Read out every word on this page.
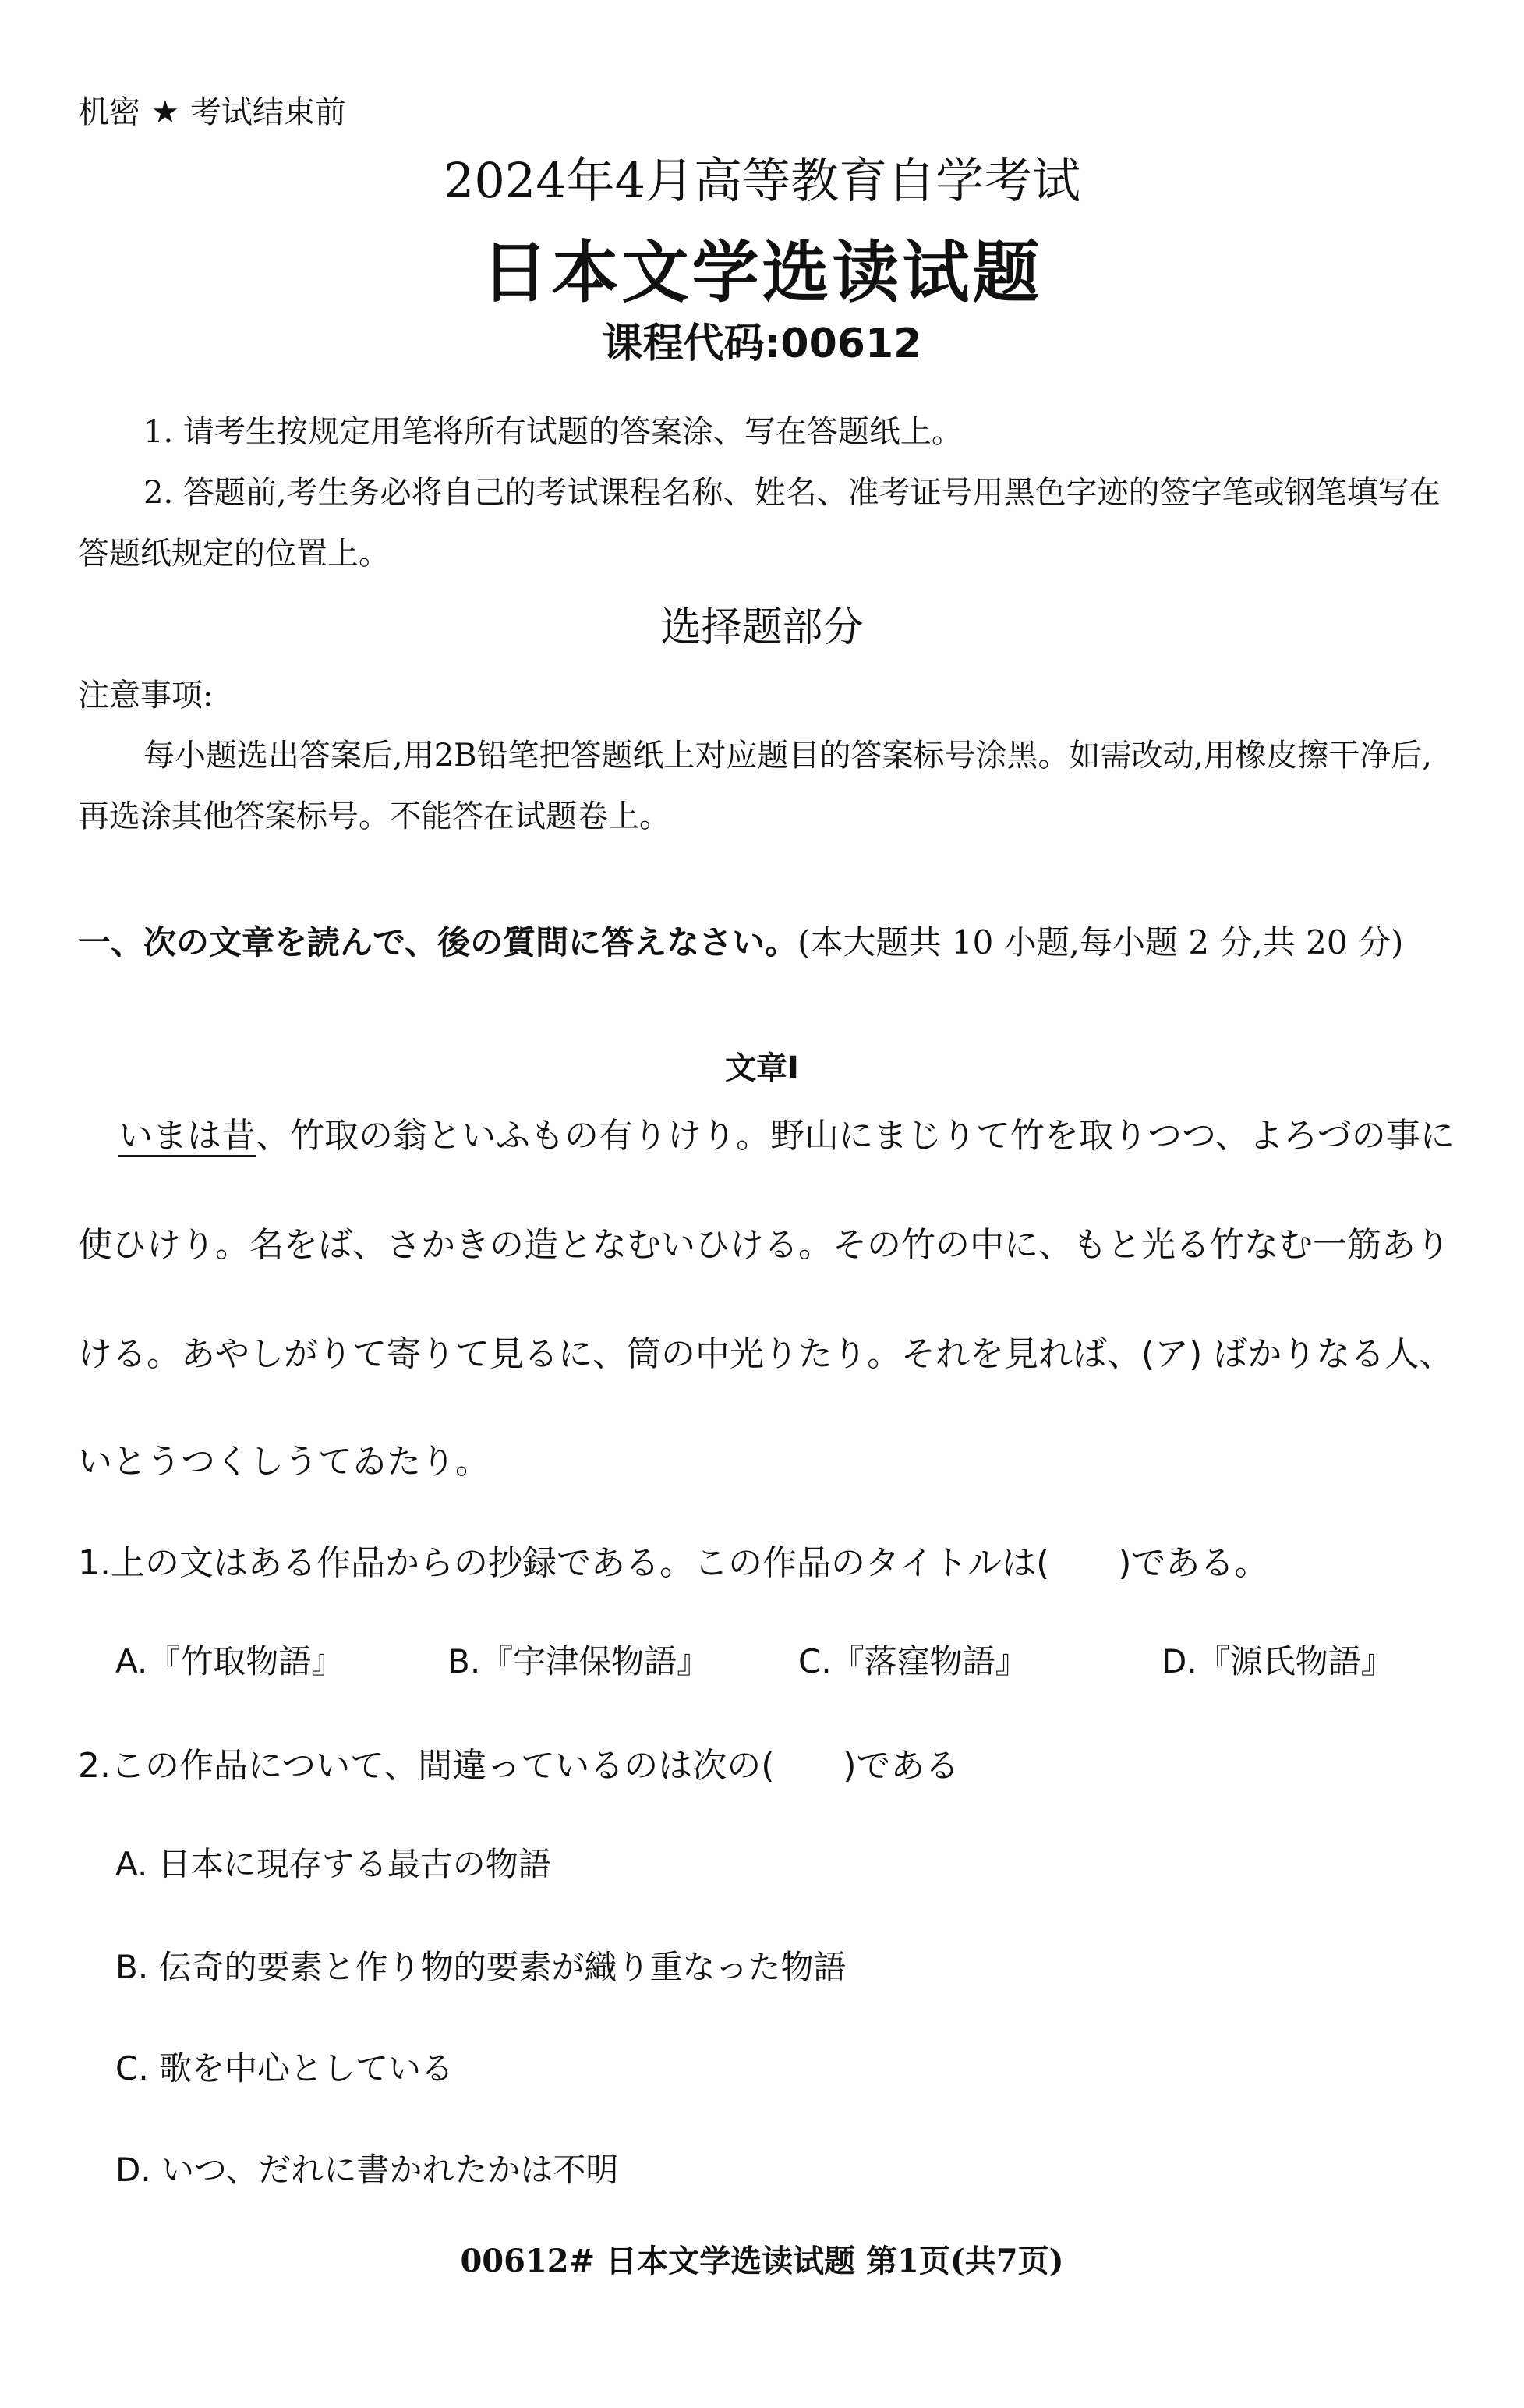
机密 ★ 考试结束前
2024年4月高等教育自学考试
日本文学选读试题
课程代码:00612
1. 请考生按规定用笔将所有试题的答案涂、写在答题纸上。
2. 答题前,考生务必将自己的考试课程名称、姓名、准考证号用黑色字迹的签字笔或钢笔填写在答题纸规定的位置上。
选择题部分
注意事项:
每小题选出答案后,用2B铅笔把答题纸上对应题目的答案标号涂黑。如需改动,用橡皮擦干净后,再选涂其他答案标号。不能答在试题卷上。
一、次の文章を読んで、後の質問に答えなさい。(本大题共 10 小题,每小题 2 分,共 20 分)
文章Ⅰ
いまは昔、竹取の翁といふもの有りけり。野山にまじりて竹を取りつつ、よろづの事に
使ひけり。名をば、さかきの造となむいひける。その竹の中に、もと光る竹なむ一筋あり
ける。あやしがりて寄りて見るに、筒の中光りたり。それを見れば、(ア) ばかりなる人、
いとうつくしうてゐたり。
1.上の文はある作品からの抄録である。この作品のタイトルは(　　)である。
A.『竹取物語』	B.『宇津保物語』	C.『落窪物語』	D.『源氏物語』
2.この作品について、間違っているのは次の(　　)である
A. 日本に現存する最古の物語
B. 伝奇的要素と作り物的要素が織り重なった物語
C. 歌を中心としている
D. いつ、だれに書かれたかは不明
00612# 日本文学选读试题 第1页(共7页)
